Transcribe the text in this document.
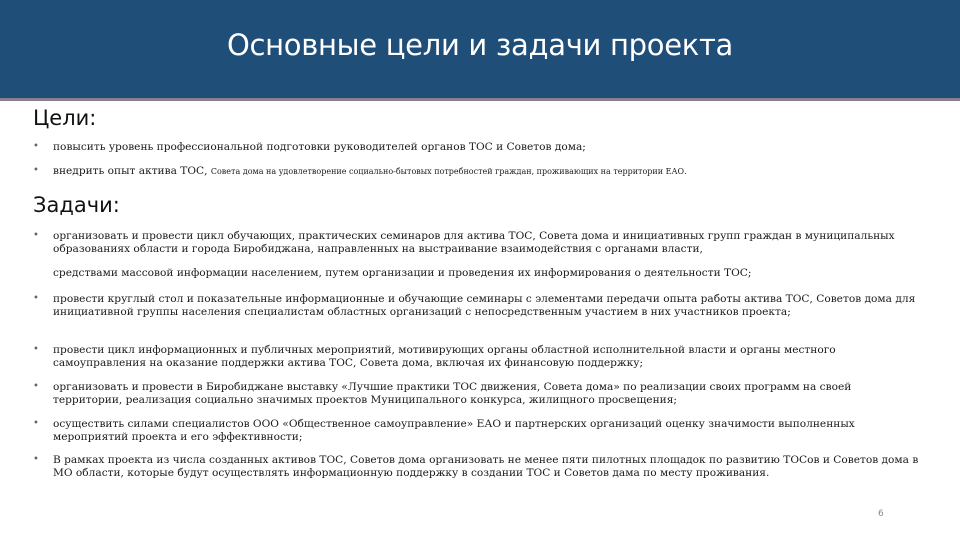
Основные цели и задачи проекта
Цели:
• повысить уровень профессиональной подготовки руководителей органов ТОС и Советов дома;
• внедрить опыт актива ТОС, Совета дома на удовлетворение социально-бытовых потребностей граждан, проживающих на территории ЕАО.
Задачи:
• организовать и провести цикл обучающих, практических семинаров для актива ТОС, Совета дома и инициативных групп граждан в муниципальных образованиях области и города Биробиджана, направленных на выстраивание взаимодействия с органами власти,
средствами массовой информации населением, путем организации и проведения их информирования о деятельности ТОС;
• провести круглый стол и показательные информационные и обучающие семинары с элементами передачи опыта работы актива ТОС, Советов дома для инициативной группы населения специалистам областных организаций с непосредственным участием в них участников проекта;
• провести цикл информационных и публичных мероприятий, мотивирующих органы областной исполнительной власти и органы местного самоуправления на оказание поддержки актива ТОС, Совета дома, включая их финансовую поддержку;
• организовать и провести в Биробиджане выставку «Лучшие практики ТОС движения, Совета дома» по реализации своих программ на своей территории, реализация социально значимых проектов Муниципального конкурса, жилищного просвещения;
• осуществить силами специалистов ООО «Общественное самоуправление» ЕАО и партнерских организаций оценку значимости выполненных мероприятий проекта и его эффективности;
• В рамках проекта из числа созданных активов ТОС, Советов дома организовать не менее пяти пилотных площадок по развитию ТОСов и Советов дома в МО области, которые будут осуществлять информационную поддержку в создании ТОС и Советов дама по месту проживания.
6
